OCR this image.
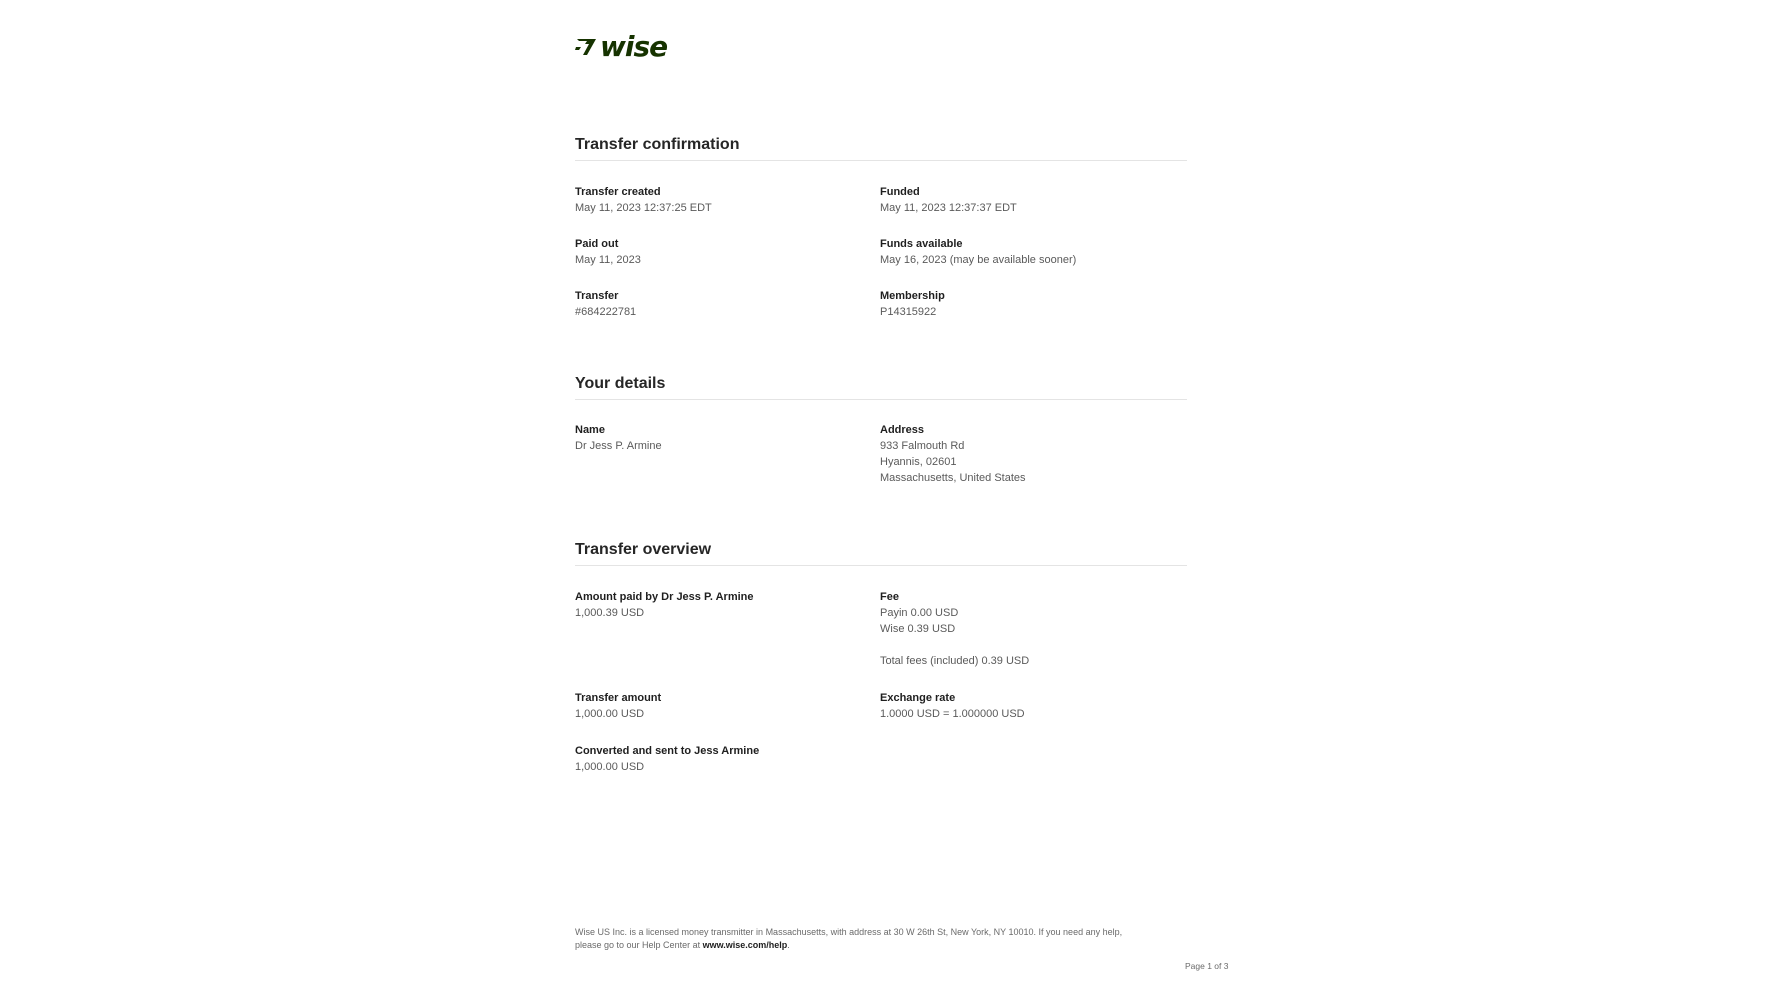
wise
Transfer confirmation
Transfer created
May 11, 2023 12:37:25 EDT
Funded
May 11, 2023 12:37:37 EDT
Paid out
May 11, 2023
Funds available
May 16, 2023 (may be available sooner)
Transfer
#684222781
Membership
P14315922
Your details
Name
Dr Jess P. Armine
Address
933 Falmouth Rd
Hyannis, 02601
Massachusetts, United States
Transfer overview
Amount paid by Dr Jess P. Armine
1,000.39 USD
Fee
Payin 0.00 USD
Wise 0.39 USD
Total fees (included) 0.39 USD
Transfer amount
1,000.00 USD
Exchange rate
1.0000 USD = 1.000000 USD
Converted and sent to Jess Armine
1,000.00 USD
Wise US Inc. is a licensed money transmitter in Massachusetts, with address at 30 W 26th St, New York, NY 10010. If you need any help,
please go to our Help Center at www.wise.com/help.
Page 1 of 3
